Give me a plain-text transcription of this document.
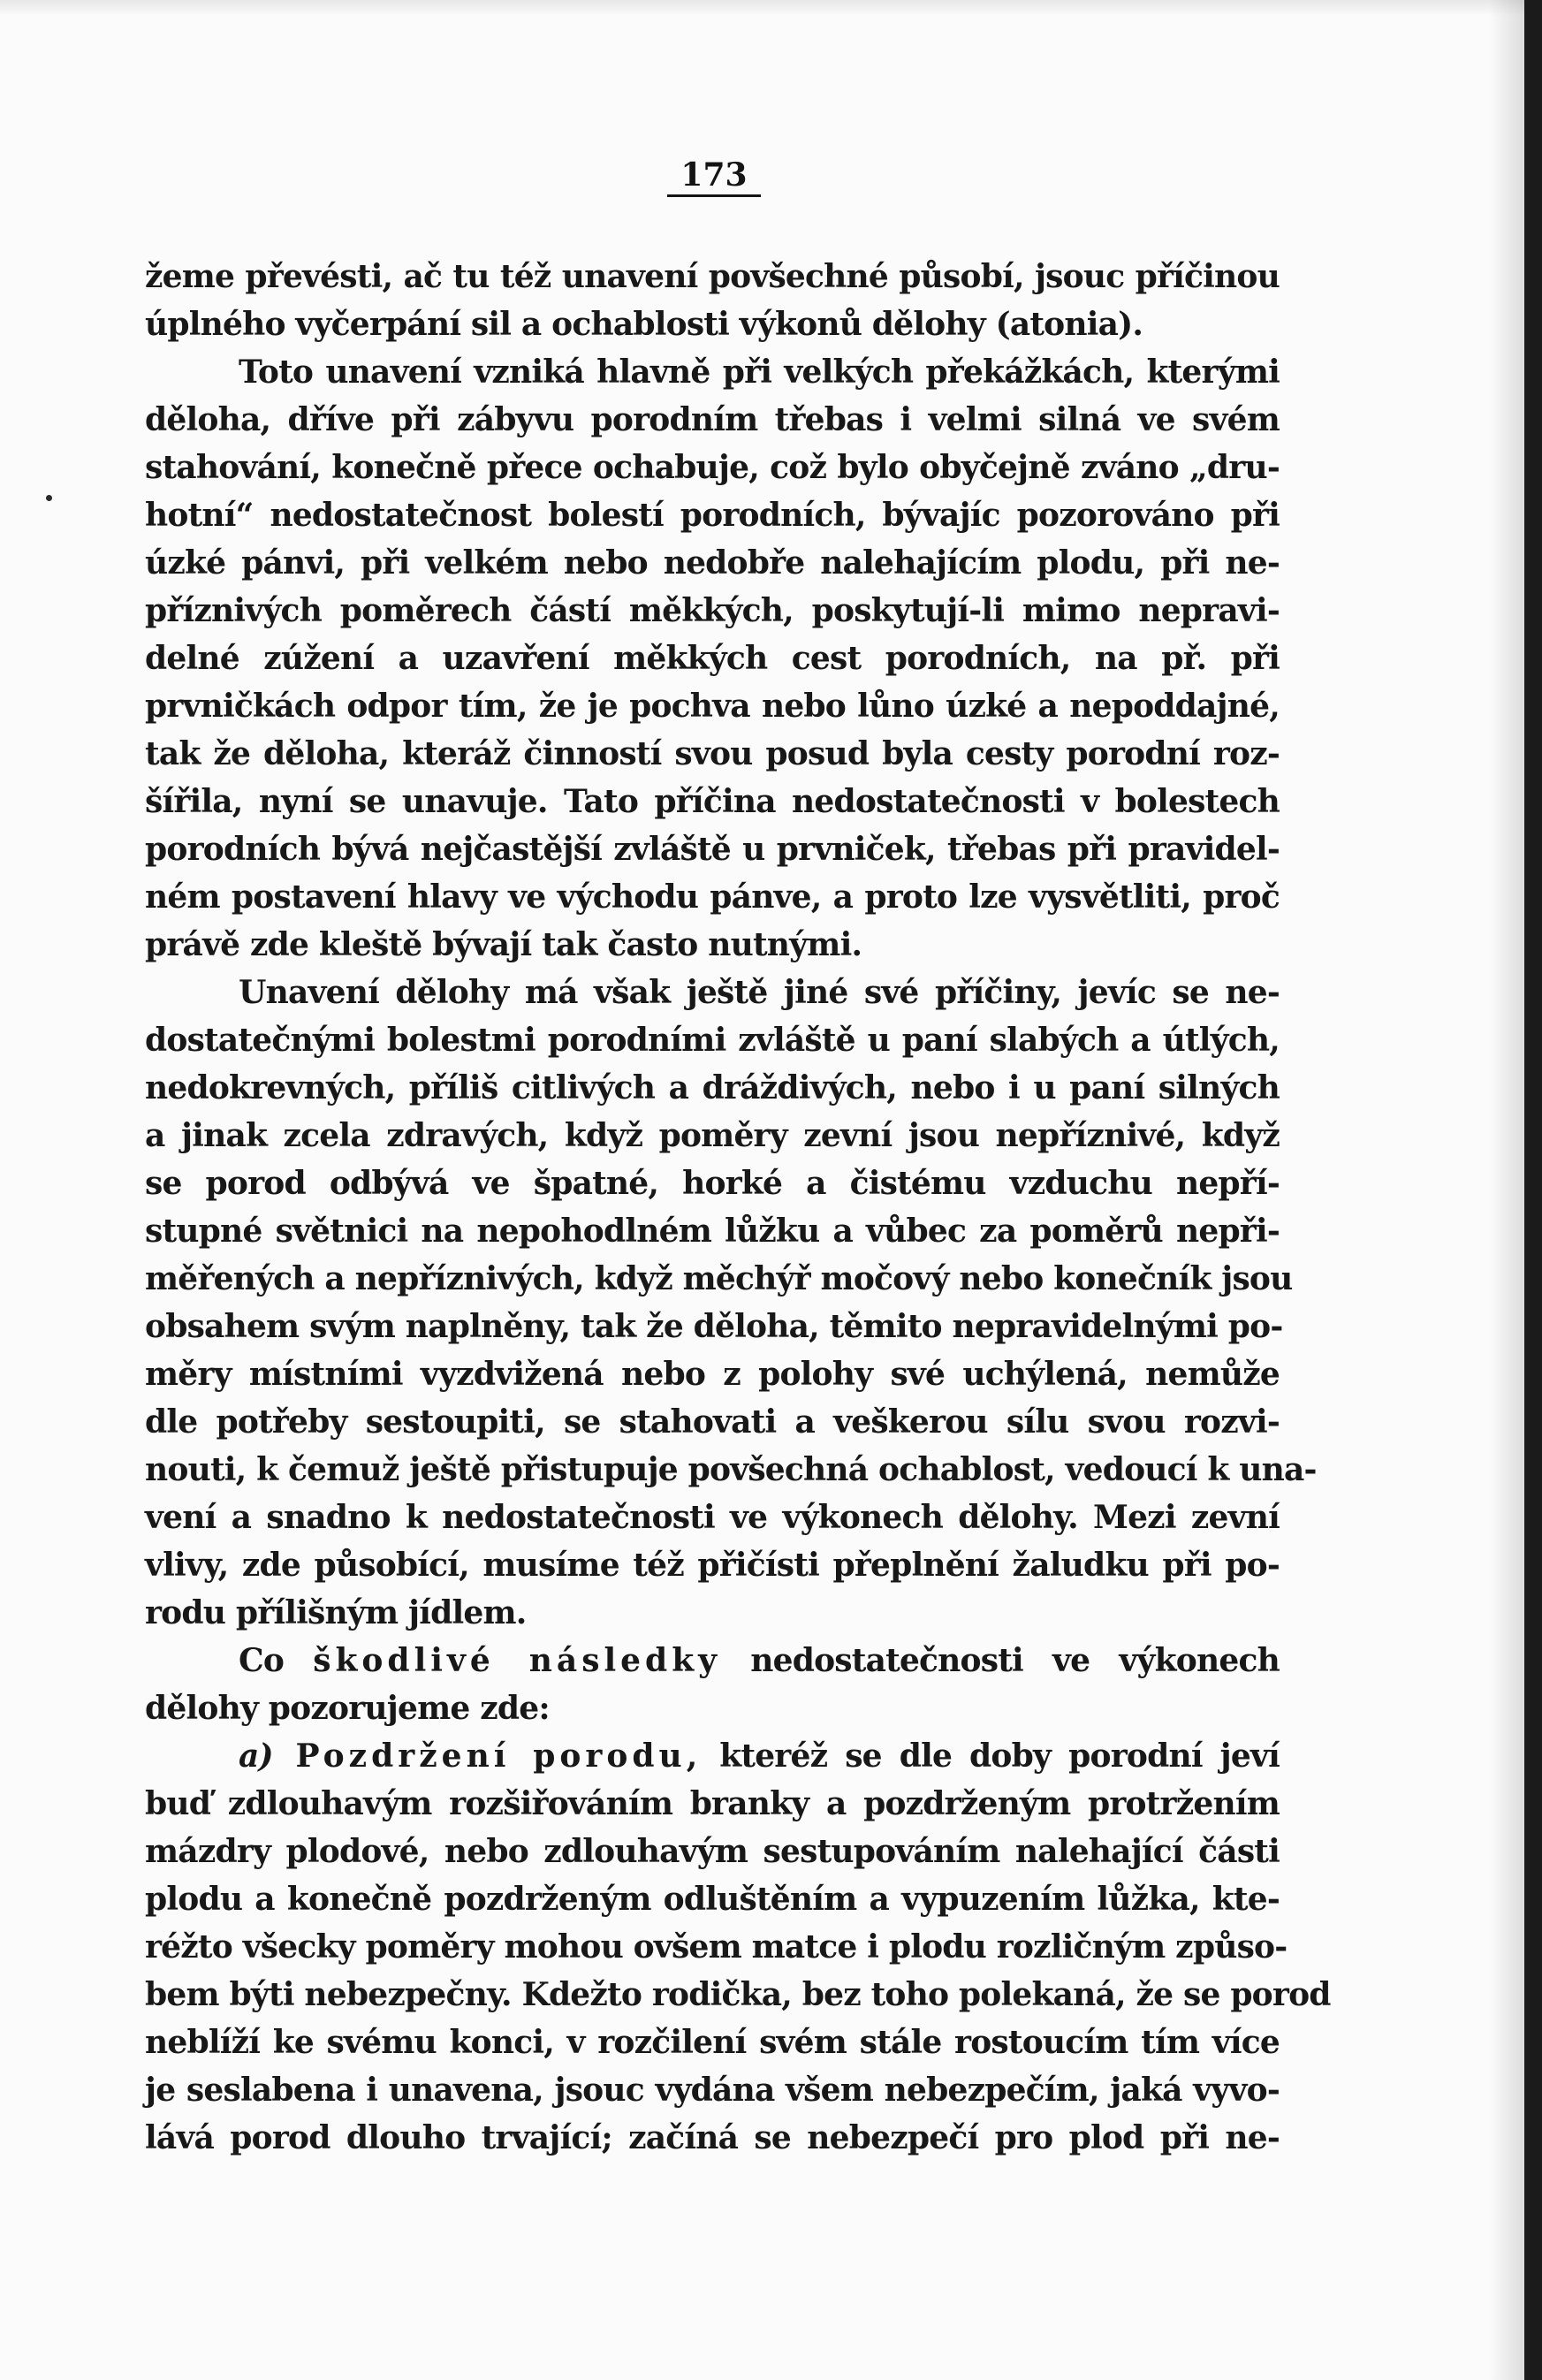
173
žeme převésti, ač tu též unavení povšechné působí, jsouc příčinou
úplného vyčerpání sil a ochablosti výkonů dělohy (atonia).
Toto unavení vzniká hlavně při velkých překážkách, kterými
děloha, dříve při zábyvu porodním třebas i velmi silná ve svém
stahování, konečně přece ochabuje, což bylo obyčejně zváno „dru-
hotní“ nedostatečnost bolestí porodních, bývajíc pozorováno při
úzké pánvi, při velkém nebo nedobře nalehajícím plodu, při ne-
příznivých poměrech částí měkkých, poskytují-li mimo nepravi-
delné zúžení a uzavření měkkých cest porodních, na př. při
prvničkách odpor tím, že je pochva nebo lůno úzké a nepoddajné,
tak že děloha, kteráž činností svou posud byla cesty porodní roz-
šířila, nyní se unavuje. Tato příčina nedostatečnosti v bolestech
porodních bývá nejčastější zvláště u prvniček, třebas při pravidel-
ném postavení hlavy ve východu pánve, a proto lze vysvětliti, proč
právě zde kleště bývají tak často nutnými.
Unavení dělohy má však ještě jiné své příčiny, jevíc se ne-
dostatečnými bolestmi porodními zvláště u paní slabých a útlých,
nedokrevných, příliš citlivých a dráždivých, nebo i u paní silných
a jinak zcela zdravých, když poměry zevní jsou nepříznivé, když
se porod odbývá ve špatné, horké a čistému vzduchu nepří-
stupné světnici na nepohodlném lůžku a vůbec za poměrů nepři-
měřených a nepříznivých, když měchýř močový nebo konečník jsou
obsahem svým naplněny, tak že děloha, těmito nepravidelnými po-
měry místními vyzdvižená nebo z polohy své uchýlená, nemůže
dle potřeby sestoupiti, se stahovati a veškerou sílu svou rozvi-
nouti, k čemuž ještě přistupuje povšechná ochablost, vedoucí k una-
vení a snadno k nedostatečnosti ve výkonech dělohy. Mezi zevní
vlivy, zde působící, musíme též přičísti přeplnění žaludku při po-
rodu přílišným jídlem.
Co škodlivé následky nedostatečnosti ve výkonech
dělohy pozorujeme zde:
a) Pozdržení porodu, kteréž se dle doby porodní jeví
buď zdlouhavým rozšiřováním branky a pozdrženým protržením
mázdry plodové, nebo zdlouhavým sestupováním nalehající části
plodu a konečně pozdrženým odluštěním a vypuzením lůžka, kte-
réžto všecky poměry mohou ovšem matce i plodu rozličným způso-
bem býti nebezpečny. Kdežto rodička, bez toho polekaná, že se porod
neblíží ke svému konci, v rozčilení svém stále rostoucím tím více
je seslabena i unavena, jsouc vydána všem nebezpečím, jaká vyvo-
lává porod dlouho trvající; začíná se nebezpečí pro plod při ne-
